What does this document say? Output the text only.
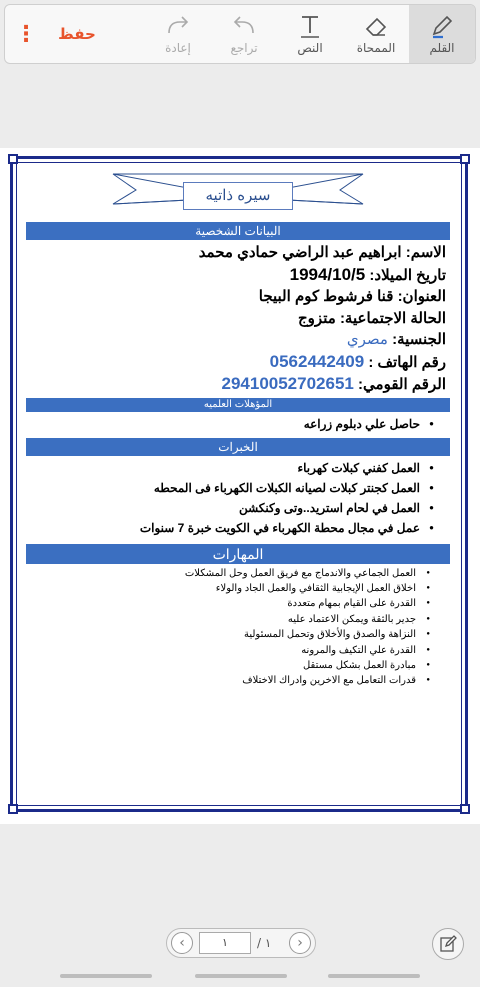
⋮	حفظ
إعادة	تراجع	النص	الممحاة	القلم
سيره ذاتيه
البيانات الشخصية
الاسم: ابراهيم عبد الراضي حمادي محمد
تاريخ الميلاد: 1994/10/5
العنوان: قنا فرشوط كوم البيجا
الحالة الاجتماعية: متزوج
الجنسية: مصري
رقم الهاتف : 0562442409
الرقم القومي: 29410052702651
المؤهلات العلميه
● حاصل علي دبلوم زراعه
الخبرات
● العمل كفني كبلات كهرباء
● العمل كجنتر كبلات لصيانه الكبلات الكهرباء فى المحطه
● العمل في لحام استريد..وتى وكنكشن
● عمل في مجال محطة الكهرباء في الكويت خبرة 7 سنوات
المهارات
● العمل الجماعي والاندماج مع فريق العمل وحل المشكلات
● اخلاق العمل الإيجابية الثقافي والعمل الجاد والولاء
● القدرة على القيام بمهام متعددة
● جدير بالثقة ويمكن الاعتماد عليه
● النزاهة والصدق والأخلاق وتحمل المسئولية
● القدرة علي التكيف والمرونه
● مبادرة العمل بشكل مستقل
● قدرات التعامل مع الاخرين وادراك الاختلاف
‹	١	/ ١ ›
